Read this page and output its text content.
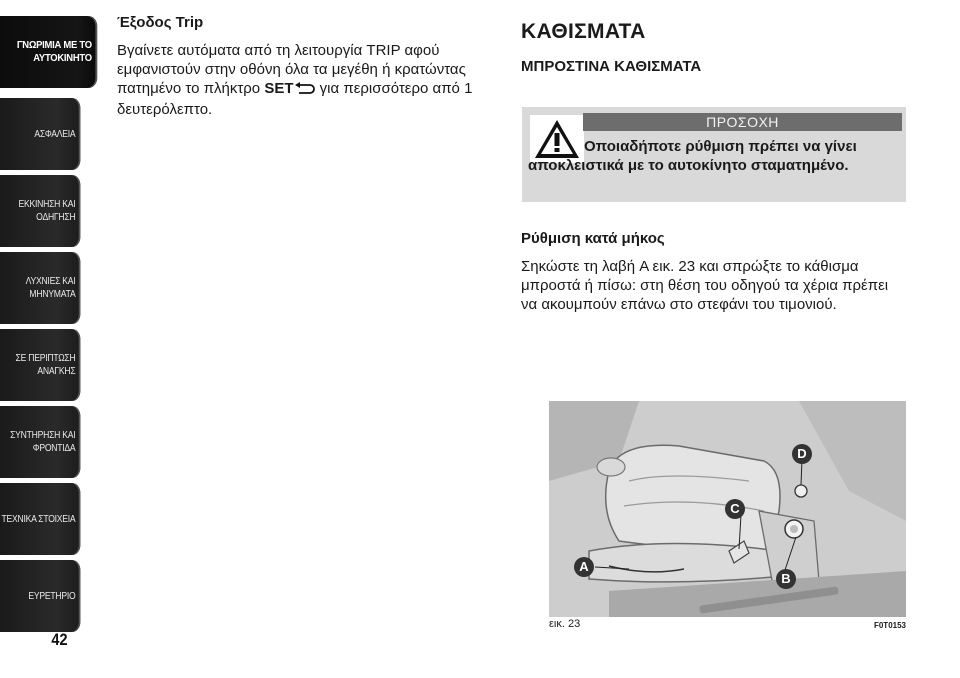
ΓΝΩΡΙΜΙΑ ΜΕ ΤΟ
ΑΥΤΟΚΙΝΗΤΟ
ΑΣΦΑΛΕΙΑ
ΕΚΚΙΝΗΣΗ ΚΑΙ
ΟΔΗΓΗΣΗ
ΛΥΧΝΙΕΣ ΚΑΙ
ΜΗΝΥΜΑΤΑ
ΣΕ ΠΕΡΙΠΤΩΣΗ
ΑΝΑΓΚΗΣ
ΣΥΝΤΗΡΗΣΗ ΚΑΙ
ΦΡΟΝΤΙΔΑ
ΤΕΧΝΙΚΑ ΣΤΟΙΧΕΙΑ
ΕΥΡΕΤΗΡΙΟ
42
Έξοδος Trip

Βγαίνετε αυτόματα από τη λειτουργία TRIP αφού εμφανιστούν στην οθόνη όλα τα μεγέθη ή κρατώντας πατημένο το πλήκτρο SET για περισσότερο από 1 δευτερόλεπτο.

ΚΑΘΙΣΜΑΤΑ
ΜΠΡΟΣΤΙΝΑ ΚΑΘΙΣΜΑΤΑ
ΠΡΟΣΟΧΗ
Οποιαδήποτε ρύθμιση πρέπει να γίνει αποκλειστικά με το αυτοκίνητο σταματημένο.
Ρύθμιση κατά μήκος

Σηκώστε τη λαβή A εικ. 23 και σπρώξτε το κάθισμα μπροστά ή πίσω: στη θέση του οδηγού τα χέρια πρέπει να ακουμπούν επάνω στο στεφάνι του τιμονιού.

A
B
C
D
εικ. 23	F0T0153
